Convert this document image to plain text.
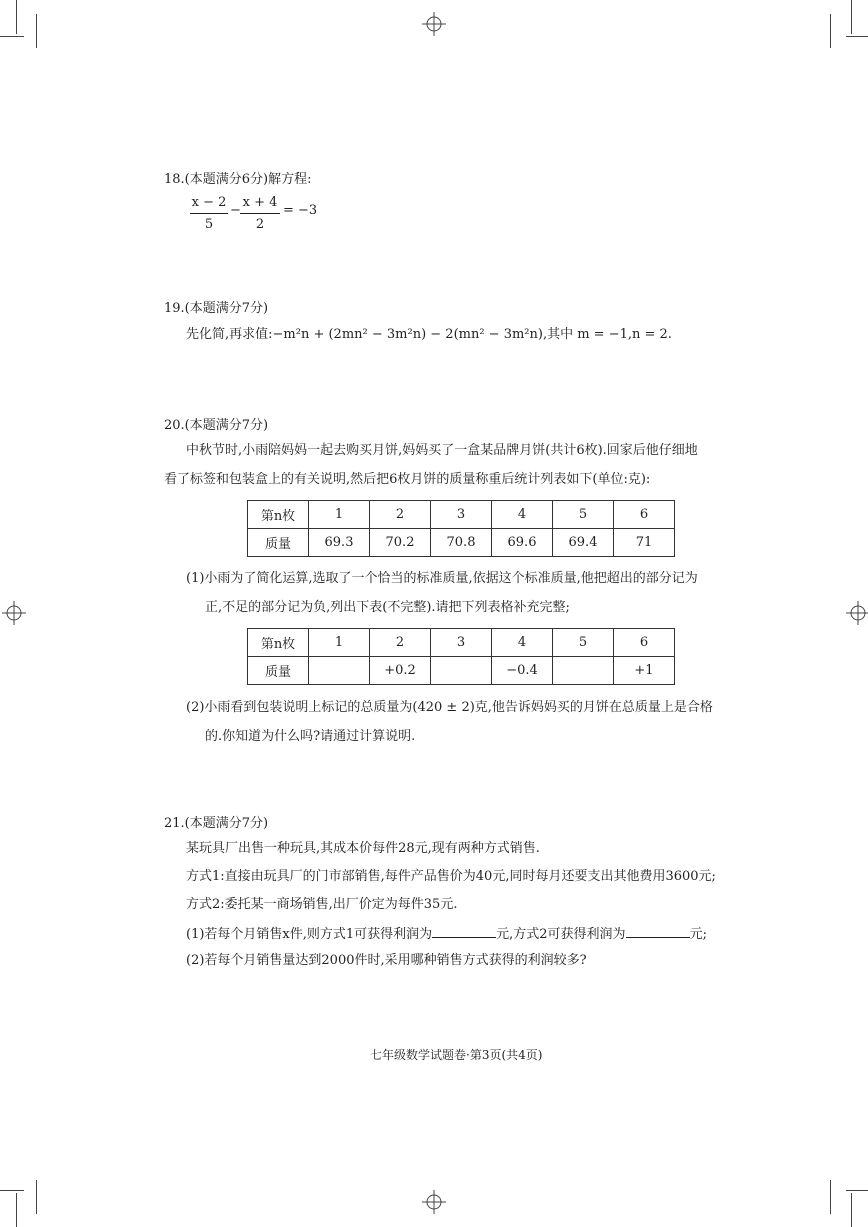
18.(本题满分6分)解方程:
x − 2
5
−
x + 4
2
= −3
19.(本题满分7分)
先化简,再求值:−m²n + (2mn² − 3m²n) − 2(mn² − 3m²n),其中 m = −1,n = 2.
20.(本题满分7分)
中秋节时,小雨陪妈妈一起去购买月饼,妈妈买了一盒某品牌月饼(共计6枚).回家后他仔细地
看了标签和包装盒上的有关说明,然后把6枚月饼的质量称重后统计列表如下(单位:克):
第n枚	1	2	3	4	5	6
质量	69.3	70.2	70.8	69.6	69.4	71
(1)小雨为了简化运算,选取了一个恰当的标准质量,依据这个标准质量,他把超出的部分记为
正,不足的部分记为负,列出下表(不完整).请把下列表格补充完整;
第n枚	1	2	3	4	5	6
质量		+0.2		−0.4		+1
(2)小雨看到包装说明上标记的总质量为(420 ± 2)克,他告诉妈妈买的月饼在总质量上是合格
的.你知道为什么吗?请通过计算说明.
21.(本题满分7分)
某玩具厂出售一种玩具,其成本价每件28元,现有两种方式销售.
方式1:直接由玩具厂的门市部销售,每件产品售价为40元,同时每月还要支出其他费用3600元;
方式2:委托某一商场销售,出厂价定为每件35元.
(1)若每个月销售x件,则方式1可获得利润为	元,方式2可获得利润为	元;
(2)若每个月销售量达到2000件时,采用哪种销售方式获得的利润较多?
七年级数学试题卷·第3页(共4页)
